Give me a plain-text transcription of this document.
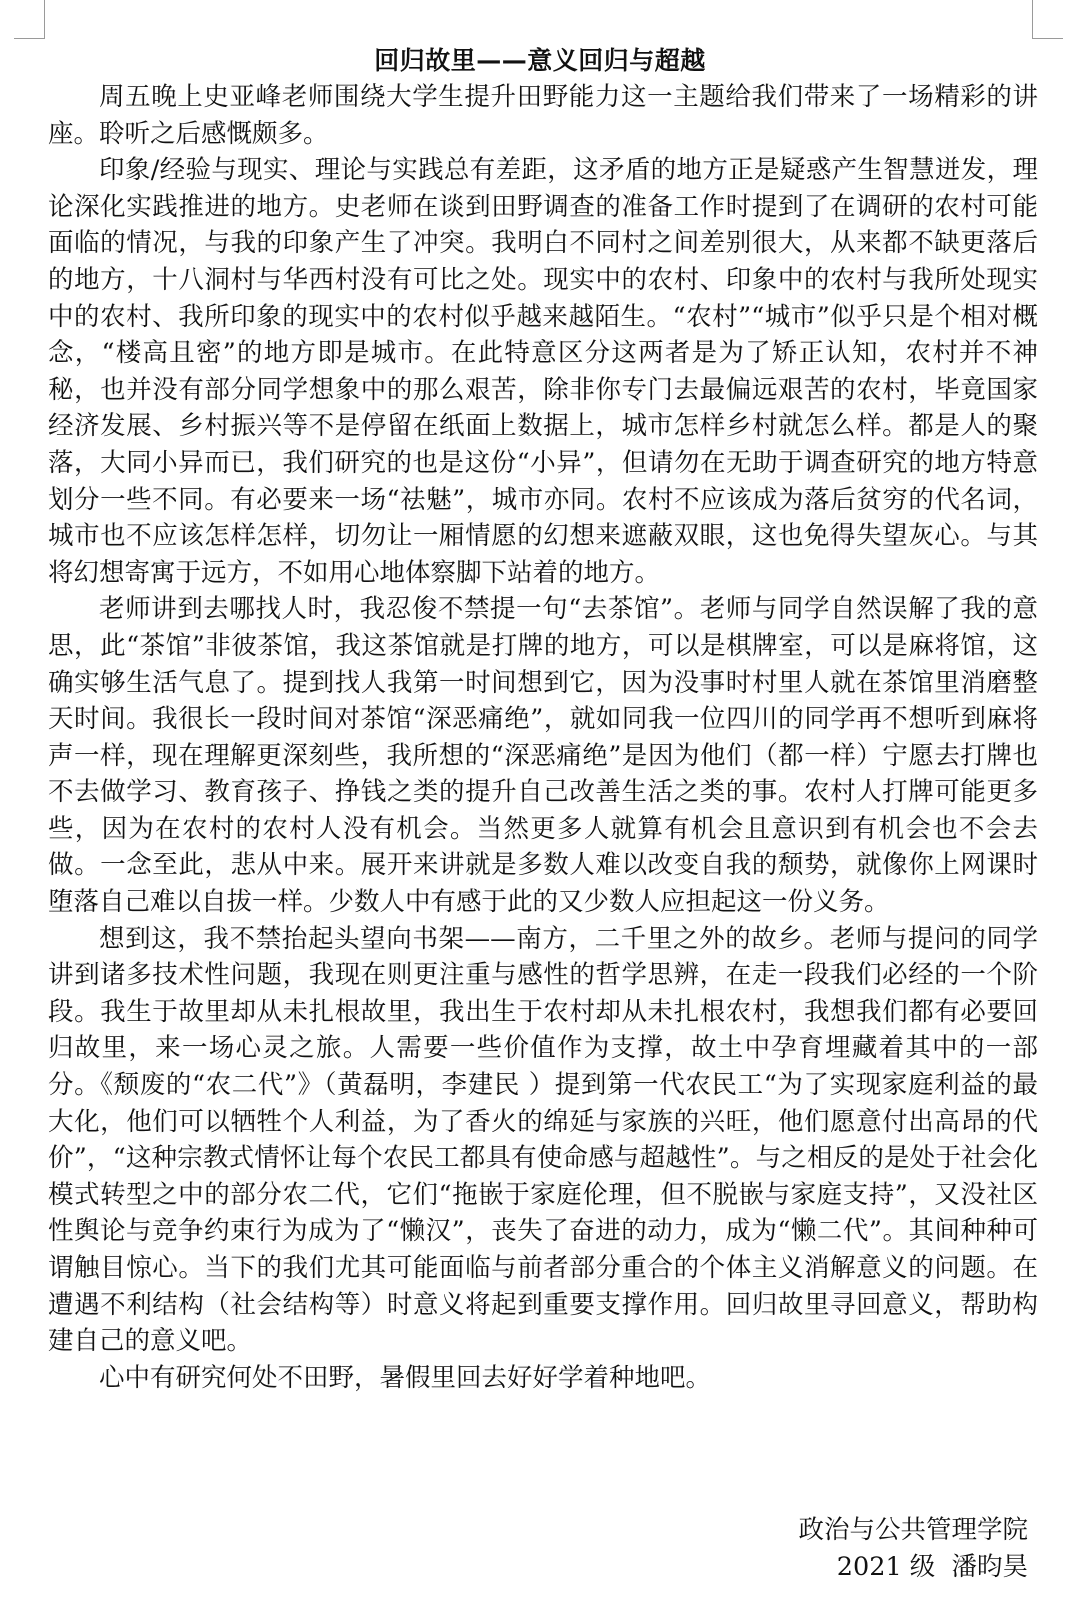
回归故里——意义回归与超越

周五晚上史亚峰老师围绕大学生提升田野能力这一主题给我们带来了一场精彩的讲座。聆听之后感慨颇多。

印象/经验与现实、理论与实践总有差距，这矛盾的地方正是疑惑产生智慧迸发，理论深化实践推进的地方。史老师在谈到田野调查的准备工作时提到了在调研的农村可能面临的情况，与我的印象产生了冲突。我明白不同村之间差别很大，从来都不缺更落后的地方，十八洞村与华西村没有可比之处。现实中的农村、印象中的农村与我所处现实中的农村、我所印象的现实中的农村似乎越来越陌生。“农村”“城市”似乎只是个相对概念，“楼高且密”的地方即是城市。在此特意区分这两者是为了矫正认知，农村并不神秘，也并没有部分同学想象中的那么艰苦，除非你专门去最偏远艰苦的农村，毕竟国家经济发展、乡村振兴等不是停留在纸面上数据上，城市怎样乡村就怎么样。都是人的聚落，大同小异而已，我们研究的也是这份“小异”，但请勿在无助于调查研究的地方特意划分一些不同。有必要来一场“祛魅”，城市亦同。农村不应该成为落后贫穷的代名词，城市也不应该怎样怎样，切勿让一厢情愿的幻想来遮蔽双眼，这也免得失望灰心。与其将幻想寄寓于远方，不如用心地体察脚下站着的地方。

老师讲到去哪找人时，我忍俊不禁提一句“去茶馆”。老师与同学自然误解了我的意思，此“茶馆”非彼茶馆，我这茶馆就是打牌的地方，可以是棋牌室，可以是麻将馆，这确实够生活气息了。提到找人我第一时间想到它，因为没事时村里人就在茶馆里消磨整天时间。我很长一段时间对茶馆“深恶痛绝”，就如同我一位四川的同学再不想听到麻将声一样，现在理解更深刻些，我所想的“深恶痛绝”是因为他们（都一样）宁愿去打牌也不去做学习、教育孩子、挣钱之类的提升自己改善生活之类的事。农村人打牌可能更多些，因为在农村的农村人没有机会。当然更多人就算有机会且意识到有机会也不会去做。一念至此，悲从中来。展开来讲就是多数人难以改变自我的颓势，就像你上网课时堕落自己难以自拔一样。少数人中有感于此的又少数人应担起这一份义务。

想到这，我不禁抬起头望向书架——南方，二千里之外的故乡。老师与提问的同学讲到诸多技术性问题，我现在则更注重与感性的哲学思辨，在走一段我们必经的一个阶段。我生于故里却从未扎根故里，我出生于农村却从未扎根农村，我想我们都有必要回归故里，来一场心灵之旅。人需要一些价值作为支撑，故土中孕育埋藏着其中的一部分。《颓废的“农二代”》（黄磊明，李建民 ）提到第一代农民工“为了实现家庭利益的最大化，他们可以牺牲个人利益，为了香火的绵延与家族的兴旺，他们愿意付出高昂的代价”，“这种宗教式情怀让每个农民工都具有使命感与超越性”。与之相反的是处于社会化模式转型之中的部分农二代，它们“拖嵌于家庭伦理，但不脱嵌与家庭支持”，又没社区性舆论与竞争约束行为成为了“懒汉”，丧失了奋进的动力，成为“懒二代”。其间种种可谓触目惊心。当下的我们尤其可能面临与前者部分重合的个体主义消解意义的问题。在遭遇不利结构（社会结构等）时意义将起到重要支撑作用。回归故里寻回意义，帮助构建自己的意义吧。

心中有研究何处不田野，暑假里回去好好学着种地吧。

政治与公共管理学院
2021 级  潘昀昊
